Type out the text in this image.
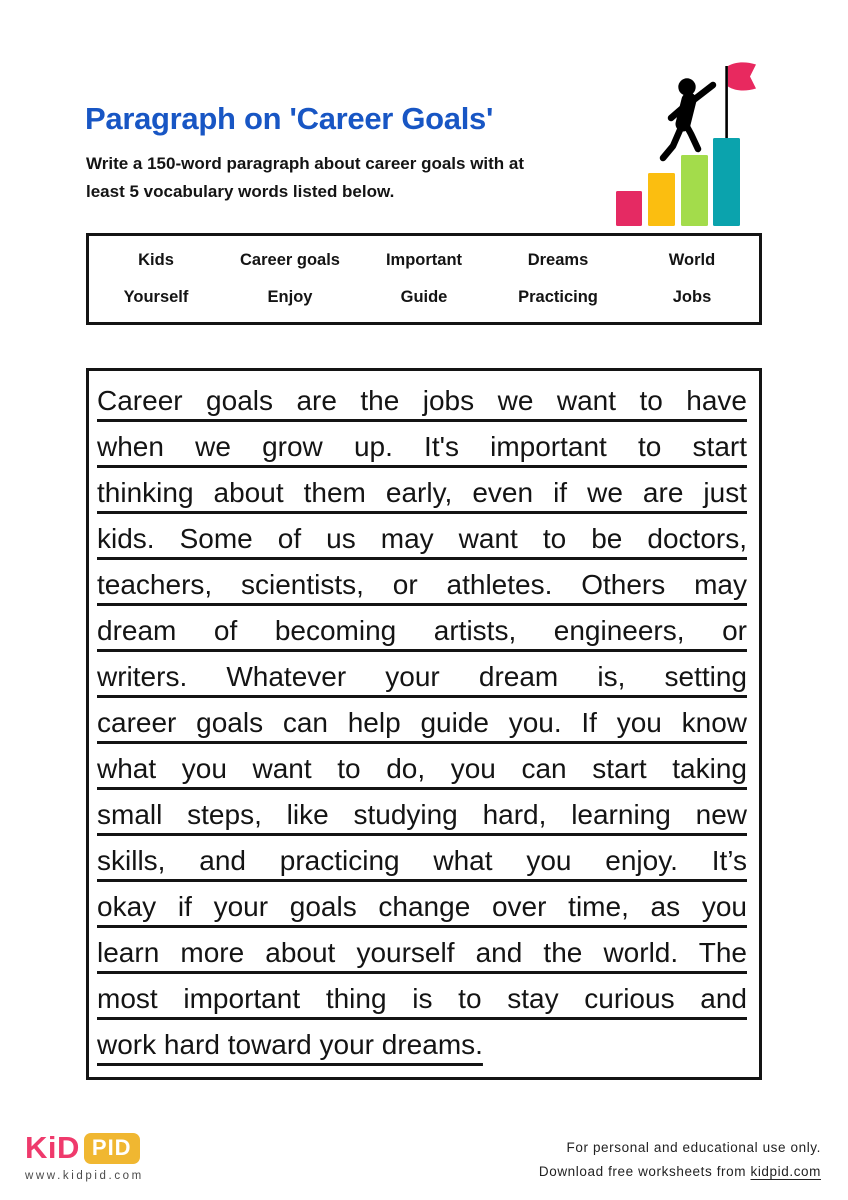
Paragraph on 'Career Goals'

Write a 150-word paragraph about career goals with at
least 5 vocabulary words listed below.

Kids	Career goals	Important	Dreams	World
Yourself	Enjoy	Guide	Practicing	Jobs
Career goals are the jobs we want to have
when we grow up. It's important to start
thinking about them early, even if we are just
kids. Some of us may want to be doctors,
teachers, scientists, or athletes. Others may
dream of becoming artists, engineers, or
writers. Whatever your dream is, setting
career goals can help guide you. If you know
what you want to do, you can start taking
small steps, like studying hard, learning new
skills, and practicing what you enjoy. It’s
okay if your goals change over time, as you
learn more about yourself and the world. The
most important thing is to stay curious and
work hard toward your dreams.
KiD PID
www.kidpid.com
For personal and educational use only.
Download free worksheets from kidpid.com
